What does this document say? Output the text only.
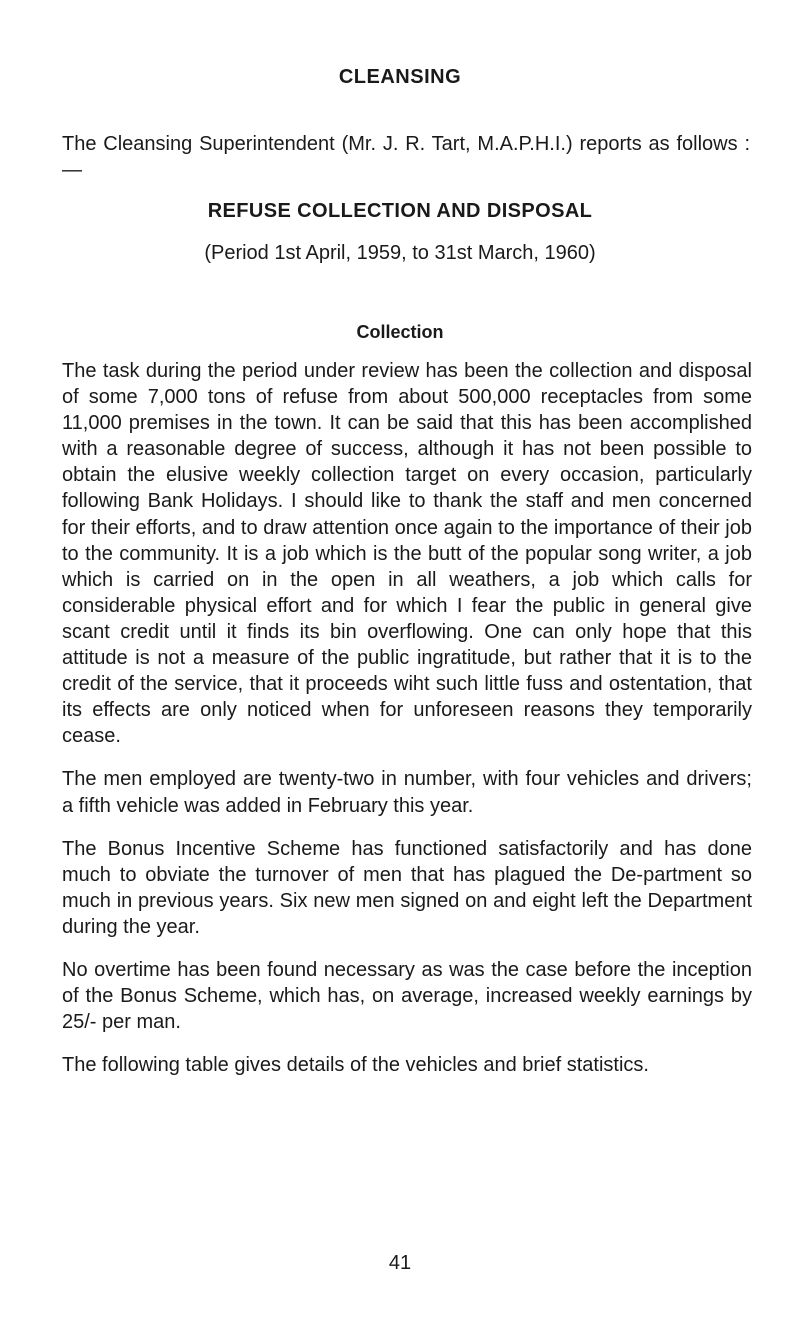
CLEANSING

The Cleansing Superintendent (Mr. J. R. Tart, M.A.P.H.I.) reports as follows :—

REFUSE COLLECTION AND DISPOSAL

(Period 1st April, 1959, to 31st March, 1960)

Collection

The task during the period under review has been the collection and disposal of some 7,000 tons of refuse from about 500,000 receptacles from some 11,000 premises in the town. It can be said that this has been accomplished with a reasonable degree of success, although it has not been possible to obtain the elusive weekly collection target on every occasion, particularly following Bank Holidays. I should like to thank the staff and men concerned for their efforts, and to draw attention once again to the importance of their job to the community. It is a job which is the butt of the popular song writer, a job which is carried on in the open in all weathers, a job which calls for considerable physical effort and for which I fear the public in general give scant credit until it finds its bin overflowing. One can only hope that this attitude is not a measure of the public ingratitude, but rather that it is to the credit of the service, that it proceeds wiht such little fuss and ostentation, that its effects are only noticed when for unforeseen reasons they temporarily cease.

The men employed are twenty-two in number, with four vehicles and drivers; a fifth vehicle was added in February this year.

The Bonus Incentive Scheme has functioned satisfactorily and has done much to obviate the turnover of men that has plagued the De-partment so much in previous years. Six new men signed on and eight left the Department during the year.

No overtime has been found necessary as was the case before the inception of the Bonus Scheme, which has, on average, increased weekly earnings by 25/- per man.

The following table gives details of the vehicles and brief statistics.

41
